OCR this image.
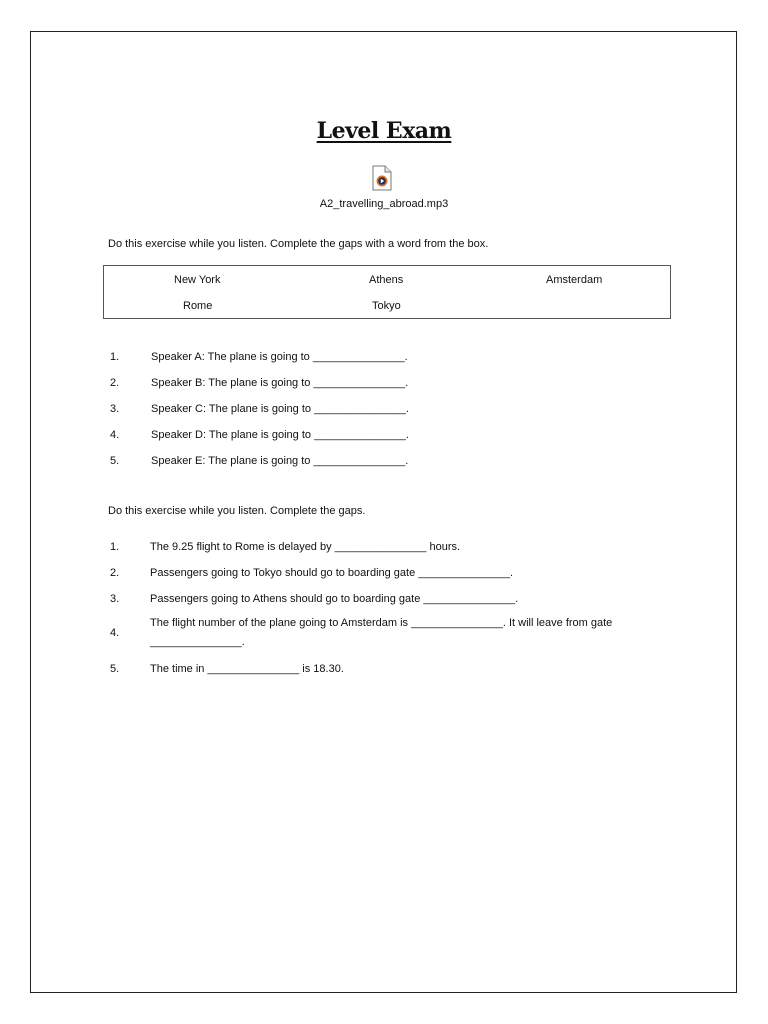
Level Exam
A2_travelling_abroad.mp3
Do this exercise while you listen. Complete the gaps with a word from the box.
New York	Athens	Amsterdam
Rome	Tokyo
1.	Speaker A: The plane is going to _______________.
2.	Speaker B: The plane is going to _______________.
3.	Speaker C: The plane is going to _______________.
4.	Speaker D: The plane is going to _______________.
5.	Speaker E: The plane is going to _______________.
Do this exercise while you listen. Complete the gaps.
1.	The 9.25 flight to Rome is delayed by _______________ hours.
2.	Passengers going to Tokyo should go to boarding gate _______________.
3.	Passengers going to Athens should go to boarding gate _______________.
4.
The flight number of the plane going to Amsterdam is _______________. It will leave from gate
_______________.
5.	The time in _______________ is 18.30.
